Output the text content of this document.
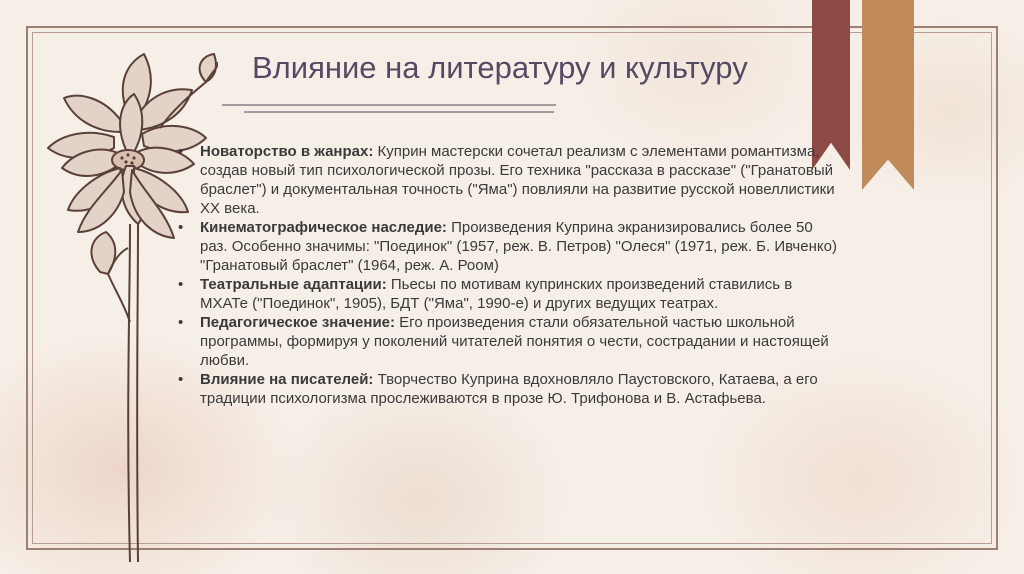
Влияние на литературу и культуру
• Новаторство в жанрах: Куприн мастерски сочетал реализм с элементами романтизма, создав новый тип психологической прозы. Его техника "рассказа в рассказе" ("Гранатовый браслет") и документальная точность ("Яма") повлияли на развитие русской новеллистики XX века.
• Кинематографическое наследие: Произведения Куприна экранизировались более 50 раз. Особенно значимы: "Поединок" (1957, реж. В. Петров) "Олеся" (1971, реж. Б. Ивченко) "Гранатовый браслет" (1964, реж. А. Роом)
• Театральные адаптации: Пьесы по мотивам купринских произведений ставились в МХАТе ("Поединок", 1905), БДТ ("Яма", 1990-е) и других ведущих театрах.
• Педагогическое значение: Его произведения стали обязательной частью школьной программы, формируя у поколений читателей понятия о чести, сострадании и настоящей любви.
• Влияние на писателей: Творчество Куприна вдохновляло Паустовского, Катаева, а его традиции психологизма прослеживаются в прозе Ю. Трифонова и В. Астафьева.
